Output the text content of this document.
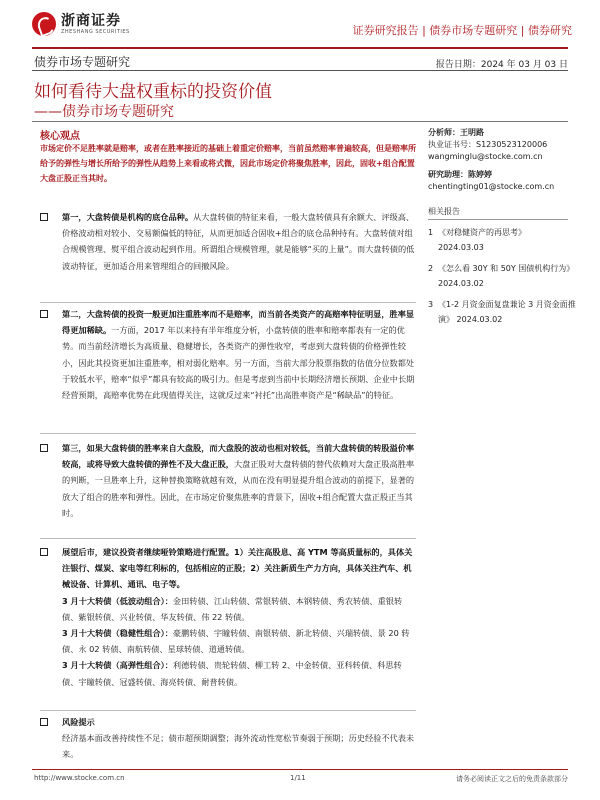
浙商证券
ZHESHANG SECURITIES	证券研究报告 | 债券市场专题研究 | 债券研究
债券市场专题研究	报告日期：2024 年 03 月 03 日
如何看待大盘权重标的投资价值
——债券市场专题研究
核心观点
市场定价不足胜率就是赔率，或者在胜率接近的基础上着重定价赔率，当前虽然赔率普遍较高，但是赔率所给予的弹性与增长所给予的弹性从趋势上来看或将式微，因此市场定价将聚焦胜率，因此，固收+组合配置大盘正股正当其时。
第一，大盘转债是机构的底仓品种。从大盘转债的特征来看，一般大盘转债具有余额大、评级高、价格波动相对较小、交易额偏低的特征，从而更加适合固收+组合的底仓品种持有。大盘转债对组合规模管理、熨平组合波动起到作用。所谓组合规模管理，就是能够“买的上量”。而大盘转债的低波动特征，更加适合用来管理组合的回撤风险。
第二，大盘转债的投资一般更加注重胜率而不是赔率，而当前各类资产的高赔率特征明显，胜率显得更加稀缺。一方面，2017 年以来持有半年维度分析，小盘转债的胜率和赔率都表有一定的优势。而当前经济增长为高质量、稳健增长，各类资产的弹性收窄，考虑到大盘转债的价格弹性较小，因此其投资更加注重胜率，相对弱化赔率。另一方面，当前大部分股票指数的估值分位数都处于较低水平，赔率“似乎”都具有较高的吸引力。但是考虑到当前中长期经济增长预期、企业中长期经营预期，高赔率优势在此现值得关注，这就反过来“衬托”出高胜率资产是“稀缺品”的特征。
第三，如果大盘转债的胜率来自大盘股，而大盘股的波动也相对较低，当前大盘转债的转股溢价率较高，或将导致大盘转债的弹性不及大盘正股，大盘正股对大盘转债的替代依赖对大盘正股高胜率的判断，一旦胜率上升，这种替换策略就越有效，从而在没有明显提升组合波动的前提下，显著的放大了组合的胜率和弹性。因此，在市场定价聚焦胜率的背景下，固收+组合配置大盘正股正当其时。
展望后市，建议投资者继续哑铃策略进行配置。1）关注高股息、高 YTM 等高质量标的，具体关注银行、煤炭、家电等红利标的，包括相应的正股；2）关注新质生产力方向，具体关注汽车、机械设备、计算机、通讯、电子等。
3 月十大转债（低波动组合）：金田转债、江山转债、常银转债、本钢转债、秀农转债、重银转债、紫银转债、兴业转债、华友转债、伟 22 转债。
3 月十大转债（稳健性组合）：豪鹏转债、宇瞳转债、南银转债、新北转债、兴瑞转债、景 20 转债、永 02 转债、南航转债、星球转债、道通转债。
3 月十大转债（高弹性组合）：利德转债、贵轮转债、柳工转 2、中金转债、亚科转债、科思转债、宇瞳转债、冠盛转债、海亮转债、耐普转债。
风险提示
经济基本面改善持续性不足；债市超预期调整；海外流动性宽松节奏弱于预期；历史经验不代表未来。
分析师：王明路
执业证书号：S1230523120006
wangminglu@stocke.com.cn
研究助理：陈婷婷
chentingting01@stocke.com.cn
相关报告
1 《对稳健资产的再思考》
2024.03.03
2 《怎么看 30Y 和 50Y 国债机构行为》 2024.03.02
3 《1-2 月资金面复盘兼论 3 月资金面推演》 2024.03.02
http://www.stocke.com.cn	1/11	请务必阅读正文之后的免责条款部分
